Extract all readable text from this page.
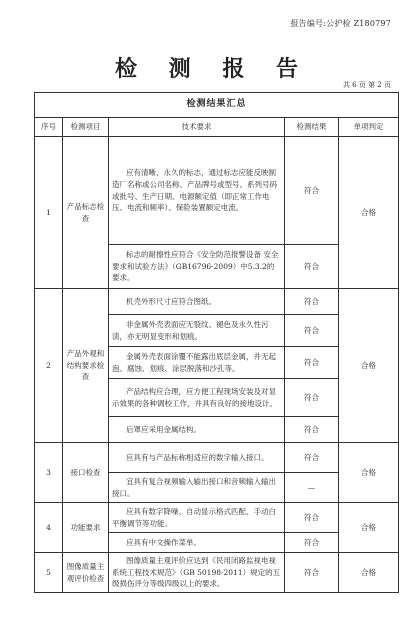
报告编号:公护检 Z180797
检 测 报 告
共 6 页 第 2 页
检测结果汇总				
序号	检测项目	技术要求	检测结果	单项判定
1	产品标志检查	应有清晰、永久的标志，通过标志应能反映制造厂名称或公司名称、产品牌号或型号、系列号码或批号、生产日期、电源额定值（即正常工作电压、电流和频率）、保险装置额定电流。	符合	合格
		标志的耐擦性应符合《安全防范报警设备 安全要求和试验方法》（GB16796-2009）中5.3.2的要求。	符合	
2	产品外观和结构要求检查	机壳外形尺寸应符合图纸。	符合	合格
		非金属外壳表面应无裂纹、褪色及永久性污渍，亦无明显变形和划痕。	符合	
		金属外壳表面涂覆不能露出底层金属，并无起泡、腐蚀、划痕、涂层脱落和沙孔等。	符合	
		产品结构应合理，应方便工程现场安装及对显示效果的各种调校工作，并具有良好的接地设计。	符合	
		后罩应采用金属结构。	符合	
3	接口检查	应具有与产品标称相适应的数字输入接口。	符合	合格
		宜具有复合视频输入输出接口和音频输入输出接口。	—	
4	功能要求	应具有数字降噪、自动显示格式匹配、手动白平衡调节等功能。	符合	合格
		应具有中文操作菜单。	符合	
5	图像质量主观评价检查	图像质量主观评价应达到《民用闭路监视电视系统工程技术规范》（GB 50198-2011）规定的五级损伤评分等级四级以上的要求。	符合	合格
